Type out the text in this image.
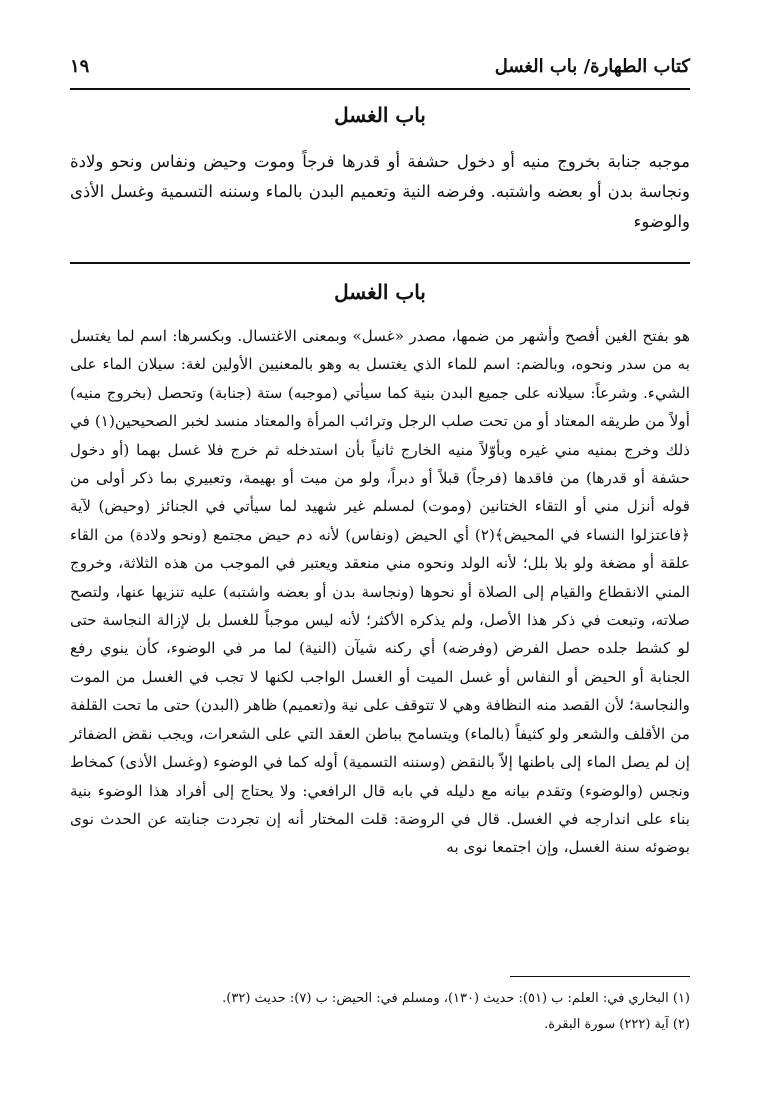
كتاب الطهارة/ باب الغسل
١٩
باب الغسل
موجبه جنابة بخروج منيه أو دخول حشفة أو قدرها فرجاً وموت وحيض ونفاس ونحو ولادة ونجاسة بدن أو بعضه واشتبه. وفرضه النية وتعميم البدن بالماء وسننه التسمية وغسل الأذى والوضوء
باب الغسل

هو بفتح الغين أفصح وأشهر من ضمها، مصدر «غسل» وبمعنى الاغتسال. وبكسرها: اسم لما يغتسل به من سدر ونحوه، وبالضم: اسم للماء الذي يغتسل به وهو بالمعنيين الأولين لغة: سيلان الماء على الشيء. وشرعاً: سيلانه على جميع البدن بنية كما سيأتي (موجبه) ستة (جنابة) وتحصل (بخروج منيه) أولاً من طريقه المعتاد أو من تحت صلب الرجل وترائب المرأة والمعتاد منسد لخبر الصحيحين(١) في ذلك وخرج بمنيه مني غيره وبأوّلاً منيه الخارج ثانياً بأن استدخله ثم خرج فلا غسل بهما (أو دخول حشفة أو قدرها) من فاقدها (فرجاً) قبلاً أو دبراً، ولو من ميت أو بهيمة، وتعبيري بما ذكر أولى من قوله أنزل مني أو التقاء الختانين (وموت) لمسلم غير شهيد لما سيأتي في الجنائز (وحيض) لآية ﴿فاعتزلوا النساء في المحيض﴾(٢) أي الحيض (ونفاس) لأنه دم حيض مجتمع (ونحو ولادة) من القاء علقة أو مضغة ولو بلا بلل؛ لأنه الولد ونحوه مني منعقد ويعتبر في الموجب من هذه الثلاثة، وخروج المني الانقطاع والقيام إلى الصلاة أو نحوها (ونجاسة بدن أو بعضه واشتبه) عليه تنزيها عنها، ولتصح صلاته، وتبعت في ذكر هذا الأصل، ولم يذكره الأكثر؛ لأنه ليس موجباً للغسل بل لإزالة النجاسة حتى لو كشط جلده حصل الفرض (وفرضه) أي ركنه شيآن (النية) لما مر في الوضوء، كأن ينوي رفع الجنابة أو الحيض أو النفاس أو غسل الميت أو الغسل الواجب لكنها لا تجب في الغسل من الموت والنجاسة؛ لأن القصد منه النظافة وهي لا تتوقف على نية و(تعميم) ظاهر (البدن) حتى ما تحت القلفة من الأقلف والشعر ولو كثيفاً (بالماء) ويتسامح بباطن العقد التي على الشعرات، ويجب نقض الضفائر إن لم يصل الماء إلى باطنها إلاّ بالنقض (وسننه التسمية) أوله كما في الوضوء (وغسل الأذى) كمخاط ونجس (والوضوء) وتقدم بيانه مع دليله في بابه قال الرافعي: ولا يحتاج إلى أفراد هذا الوضوء بنية بناء على اندارجه في الغسل. قال في الروضة: قلت المختار أنه إن تجردت جنابته عن الحدث نوى بوضوئه سنة الغسل، وإن اجتمعا نوى به

(١) البخاري في: العلم: ب (٥١): حديث (١٣٠)، ومسلم في: الحيض: ب (٧): حديث (٣٢).

(٢) آية (٢٢٢) سورة البقرة.
